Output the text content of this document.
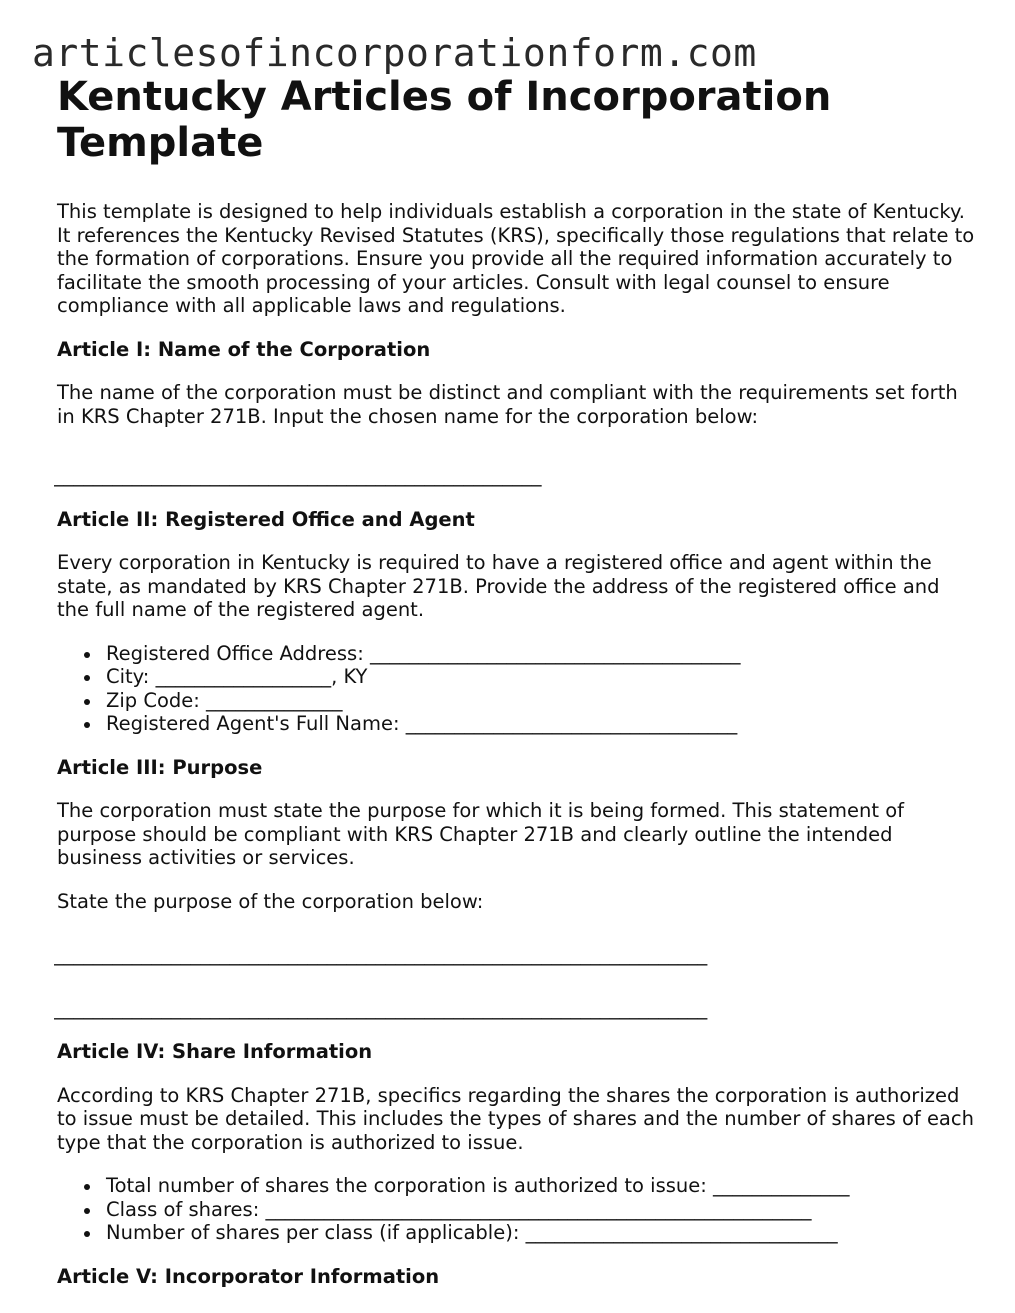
articlesofincorporationform.com
Kentucky Articles of Incorporation Template

This template is designed to help individuals establish a corporation in the state of Kentucky. It references the Kentucky Revised Statutes (KRS), specifically those regulations that relate to the formation of corporations. Ensure you provide all the required information accurately to facilitate the smooth processing of your articles. Consult with legal counsel to ensure compliance with all applicable laws and regulations.

Article I: Name of the Corporation

The name of the corporation must be distinct and compliant with the requirements set forth in KRS Chapter 271B. Input the chosen name for the corporation below:

__________________________________________________
Article II: Registered Office and Agent

Every corporation in Kentucky is required to have a registered office and agent within the state, as mandated by KRS Chapter 271B. Provide the address of the registered office and the full name of the registered agent.

Registered Office Address: ______________________________________
City: __________________, KY
Zip Code: ______________
Registered Agent's Full Name: __________________________________
Article III: Purpose

The corporation must state the purpose for which it is being formed. This statement of purpose should be compliant with KRS Chapter 271B and clearly outline the intended business activities or services.

State the purpose of the corporation below:

___________________________________________________________________
___________________________________________________________________
Article IV: Share Information

According to KRS Chapter 271B, specifics regarding the shares the corporation is authorized to issue must be detailed. This includes the types of shares and the number of shares of each type that the corporation is authorized to issue.

Total number of shares the corporation is authorized to issue: ______________
Class of shares: ________________________________________________________
Number of shares per class (if applicable): ________________________________
Article V: Incorporator Information
